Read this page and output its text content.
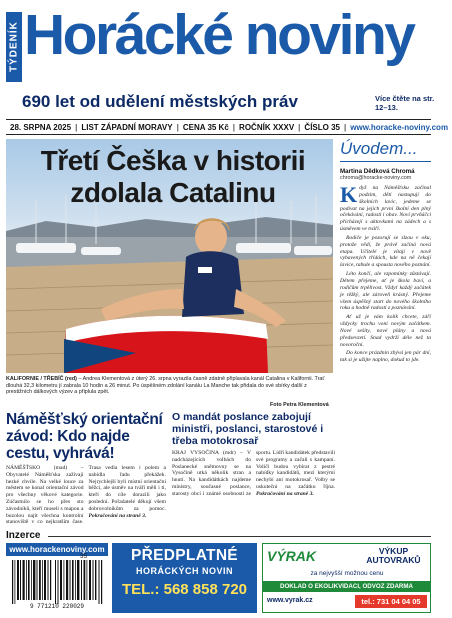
TÝDENÍK Horácké noviny
690 let od udělení městských práv	Více čtěte na str. 12–13.
28. SRPNA 2025 | LIST ZÁPADNÍ MORAVY | CENA 35 Kč | ROČNÍK XXXV | ČÍSLO 35 | www.horacke-noviny.com
Třetí Češka v historii
zdolala Catalinu
KALIFORNIE / TŘEBÍČ (red) – Andrea Klementová z úterý 26. srpna vyrazila časně zdatně připlavala kanál Catalina v Kalifornii. Trať dlouhá 32,3 kilometru jí zabrala 10 hodin a 26 minut. Po úspěšném zdolání kanálu La Manche tak přidala do své sbírky další z prestižních dálkových výzev a připlula zpět.
Foto Petra Klementová
Úvodem...
Martina Dědková Chromá
chroma@horacke-noviny.com

Když na Náměšťsku začínal podzim, děti nastupují do školních lavic, jedeme se podívat na jejich první školní den plný očekávání, radosti i obav. Noví prvňáčci přicházejí s aktovkami na zádech a s úsměvem ve tváři.

Rodiče je pozorují se slzou v oku, protože vědí, že právě začíná nová etapa. Učitelé je vítají v nově vybavených třídách, kde na ně čekají lavice, tabule a spousta nového poznání.

Léto končí, ale vzpomínky zůstávají. Dětem přejeme, ať je škola baví, a rodičům trpělivost. Vždyť každý začátek je těžký, ale zároveň krásný. Přejeme všem úspěšný start do nového školního roku a hodně radosti z poznávání.

Ať už je vám kolik chcete, září vždycky trochu voní novým začátkem. Nové sešity, nové plány a nová předsevzetí. Snad vydrží déle než ta novoroční.

Do konce prázdnin zbývá jen pár dní, tak si je užijte naplno, dokud to jde.

Náměšťský orientační závod: Kdo najde cestu, vyhrává!
NÁMĚŠŤSKO (mad) – Obyvatelé Náměšťska zažívají hezké chvíle. Na velké louce za městem se konal orientační závod pro všechny věkové kategorie. Zúčastnilo se ho přes sto závodníků, kteří museli s mapou a buzolou najít všechna kontrolní stanoviště v co nejkratším čase. Trasa vedla lesem i polem a nabídla řadu překážek. Nejrychlejší byli místní orientační běžci, ale úsměv na tváři měli i ti, kteří do cíle dorazili jako poslední. Pořadatelé děkují všem dobrovolníkům za pomoc. Pokračování na straně 3.
O mandát poslance zabojují ministři, poslanci, starostové i třeba motokrosař
KRAJ VYSOČINA (mdr) – V nadcházejících volbách do Poslanecké sněmovny se na Vysočině utká několik stran a hnutí. Na kandidátkách najdeme ministry, současné poslance, starosty obcí i známé osobnosti ze sportu. Lídři kandidátek představili své programy a začali s kampaní. Voliči budou vybírat z pestré nabídky kandidátů, mezi kterými nechybí ani motokrosař. Volby se uskuteční na začátku října. Pokračování na straně 3.
Inzerce
www.horackenoviny.com
35
9 771210 220029
PŘEDPLATNÉ
HORÁCKÝCH NOVIN
TEL.: 568 858 720
VÝRAK	VÝKUP AUTOVRAKŮ
za nejvyšší možnou cenu
DOKLAD O EKOLIKVIDACI, ODVOZ ZDARMA
www.vyrak.cz	tel.: 731 04 04 05
